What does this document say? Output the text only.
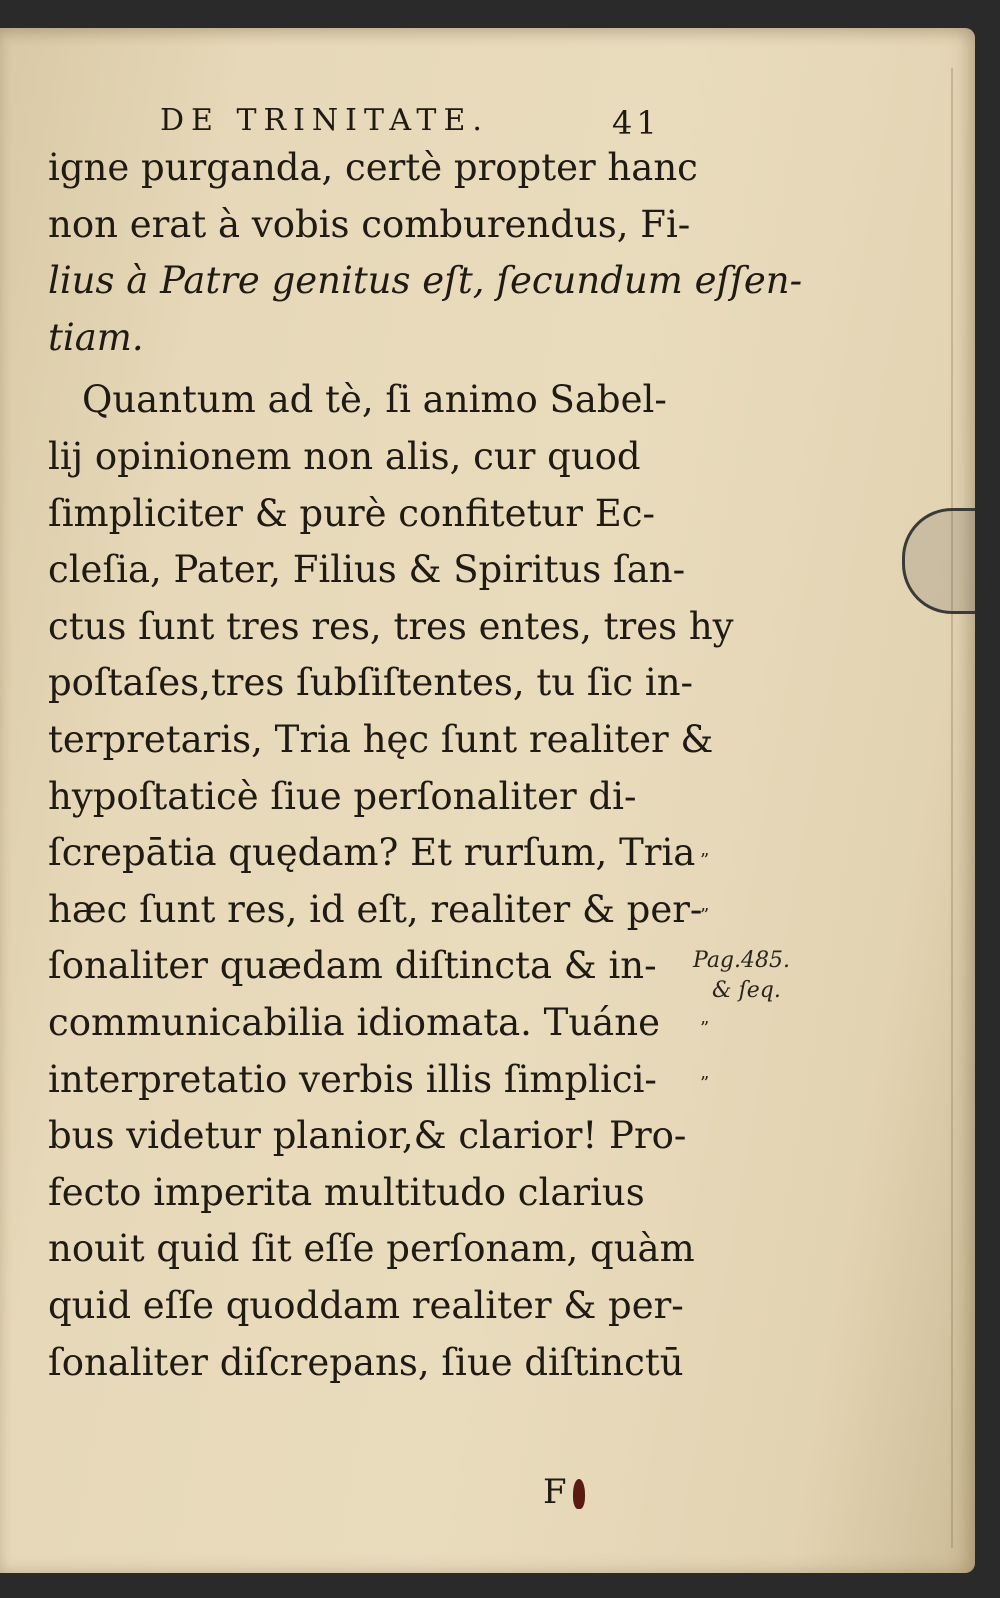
DE TRINITATE.	41
igne purganda, certè propter hanc
non erat à vobis comburendus, Fi-
lius à Patre genitus eſt, ſecundum eſſen-
tiam.
Quantum ad tè, ſi animo Sabel-
lij opinionem non alis, cur quod
ſimpliciter & purè confitetur Ec-
cleſia, Pater, Filius & Spiritus ſan-
ctus ſunt tres res, tres entes, tres hy
poſtaſes,tres ſubſiſtentes, tu ſic in-
terpretaris, Tria hęc ſunt realiter &
hypoſtaticè ſiue perſonaliter di-
ſcrepātia quędam? Et rurſum, Tria
hæc ſunt res, id eſt, realiter & per-
ſonaliter quædam diſtincta & in-
communicabilia idiomata. Tuáne
interpretatio verbis illis ſimplici-
bus videtur planior,& clarior! Pro-
fecto imperita multitudo clarius
nouit quid ſit eſſe perſonam, quàm
quid eſſe quoddam realiter & per-
ſonaliter diſcrepans, ſiue diſtinctū
”
”
”
”
Pag.485.
& ſeq.
F
